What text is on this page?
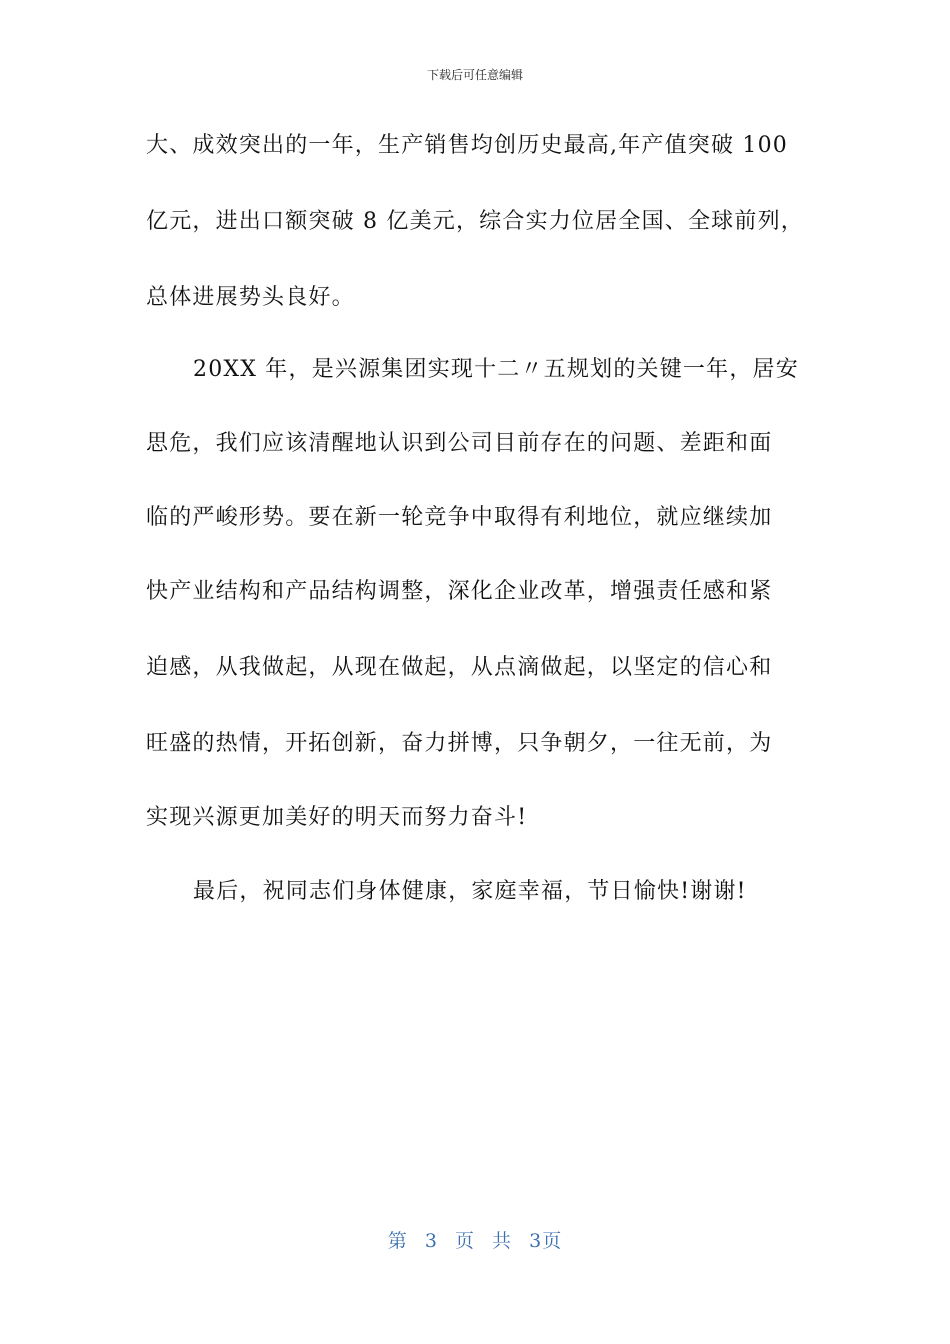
下载后可任意编辑
大、成效突出的一年，生产销售均创历史最高,年产值突破 100
亿元，进出口额突破 8 亿美元，综合实力位居全国、全球前列，
总体进展势头良好。
20XX 年，是兴源集团实现十二〃五规划的关键一年，居安
思危，我们应该清醒地认识到公司目前存在的问题、差距和面
临的严峻形势。要在新一轮竞争中取得有利地位，就应继续加
快产业结构和产品结构调整，深化企业改革，增强责任感和紧
迫感，从我做起，从现在做起，从点滴做起，以坚定的信心和
旺盛的热情，开拓创新，奋力拼博，只争朝夕，一往无前，为
实现兴源更加美好的明天而努力奋斗!
最后，祝同志们身体健康，家庭幸福，节日愉快!谢谢!
第 3 页 共 3页
